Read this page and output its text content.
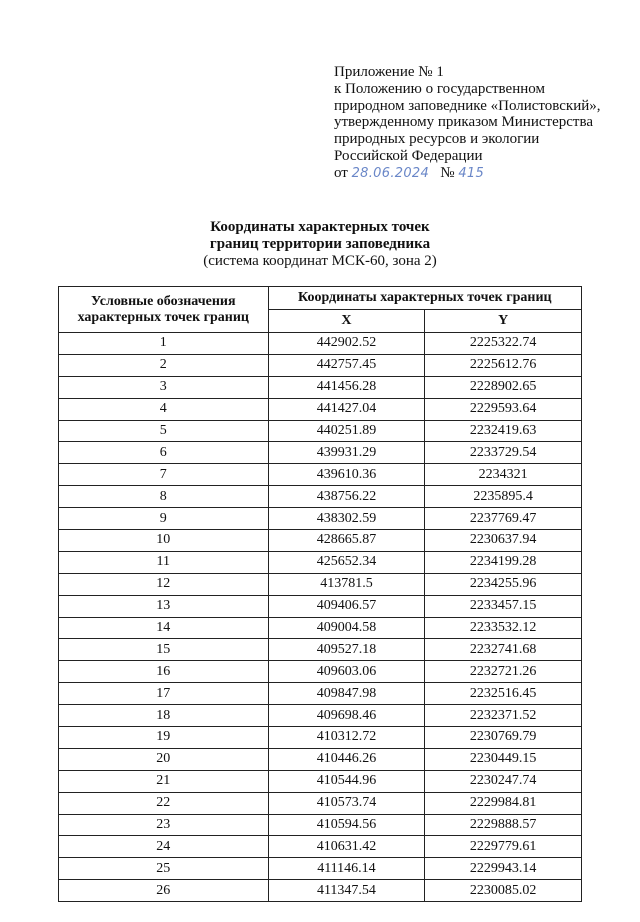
Приложение № 1
к Положению о государственном
природном заповеднике «Полистовский»,
утвержденному приказом Министерства
природных ресурсов и экологии
Российской Федерации
от 28.06.2024 № 415
Координаты характерных точек
границ территории заповедника
(система координат МСК-60, зона 2)
Условные обозначения характерных точек границ	Координаты характерных точек границ	
	X	Y
1	442902.52	2225322.74
2	442757.45	2225612.76
3	441456.28	2228902.65
4	441427.04	2229593.64
5	440251.89	2232419.63
6	439931.29	2233729.54
7	439610.36	2234321
8	438756.22	2235895.4
9	438302.59	2237769.47
10	428665.87	2230637.94
11	425652.34	2234199.28
12	413781.5	2234255.96
13	409406.57	2233457.15
14	409004.58	2233532.12
15	409527.18	2232741.68
16	409603.06	2232721.26
17	409847.98	2232516.45
18	409698.46	2232371.52
19	410312.72	2230769.79
20	410446.26	2230449.15
21	410544.96	2230247.74
22	410573.74	2229984.81
23	410594.56	2229888.57
24	410631.42	2229779.61
25	411146.14	2229943.14
26	411347.54	2230085.02
